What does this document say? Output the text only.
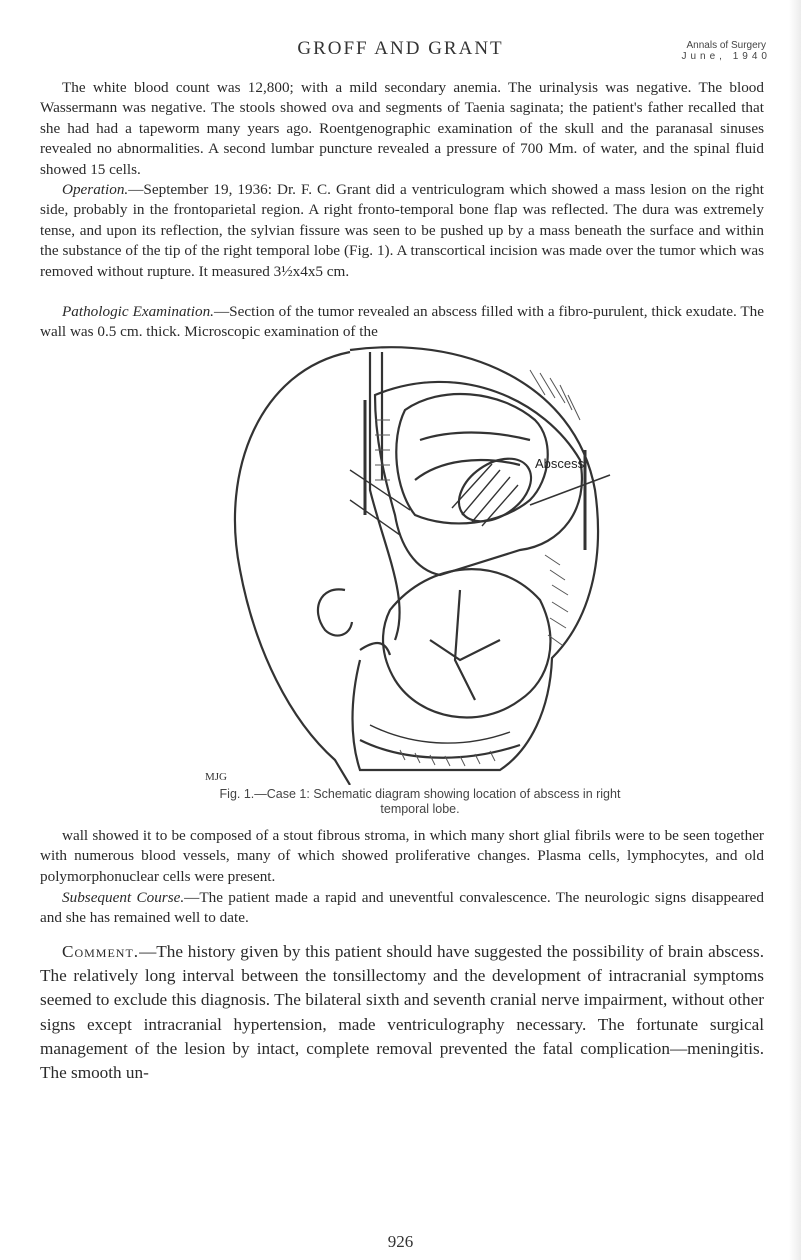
GROFF AND GRANT	Annals of Surgery
June, 1940

The white blood count was 12,800; with a mild secondary anemia. The urinalysis was negative. The blood Wassermann was negative. The stools showed ova and segments of Taenia saginata; the patient's father recalled that she had had a tapeworm many years ago. Roentgenographic examination of the skull and the paranasal sinuses revealed no abnormalities. A second lumbar puncture revealed a pressure of 700 Mm. of water, and the spinal fluid showed 15 cells.

Operation.—September 19, 1936: Dr. F. C. Grant did a ventriculogram which showed a mass lesion on the right side, probably in the frontoparietal region. A right fronto-temporal bone flap was reflected. The dura was extremely tense, and upon its reflection, the sylvian fissure was seen to be pushed up by a mass beneath the surface and within the substance of the tip of the right temporal lobe (Fig. 1). A transcortical incision was made over the tumor which was removed without rupture. It measured 3½x4x5 cm.

Pathologic Examination.—Section of the tumor revealed an abscess filled with a fibro-purulent, thick exudate. The wall was 0.5 cm. thick. Microscopic examination of the

Abscess
MJG
Fig. 1.—Case 1: Schematic diagram showing location of abscess in right
temporal lobe.

wall showed it to be composed of a stout fibrous stroma, in which many short glial fibrils were to be seen together with numerous blood vessels, many of which showed proliferative changes. Plasma cells, lymphocytes, and old polymorphonuclear cells were present.

Subsequent Course.—The patient made a rapid and uneventful convalescence. The neurologic signs disappeared and she has remained well to date.

Comment.—The history given by this patient should have suggested the possibility of brain abscess. The relatively long interval between the tonsillectomy and the development of intracranial symptoms seemed to exclude this diagnosis. The bilateral sixth and seventh cranial nerve impairment, without other signs except intracranial hypertension, made ventriculography necessary. The fortunate surgical management of the lesion by intact, complete removal prevented the fatal complication—meningitis. The smooth un-

926
